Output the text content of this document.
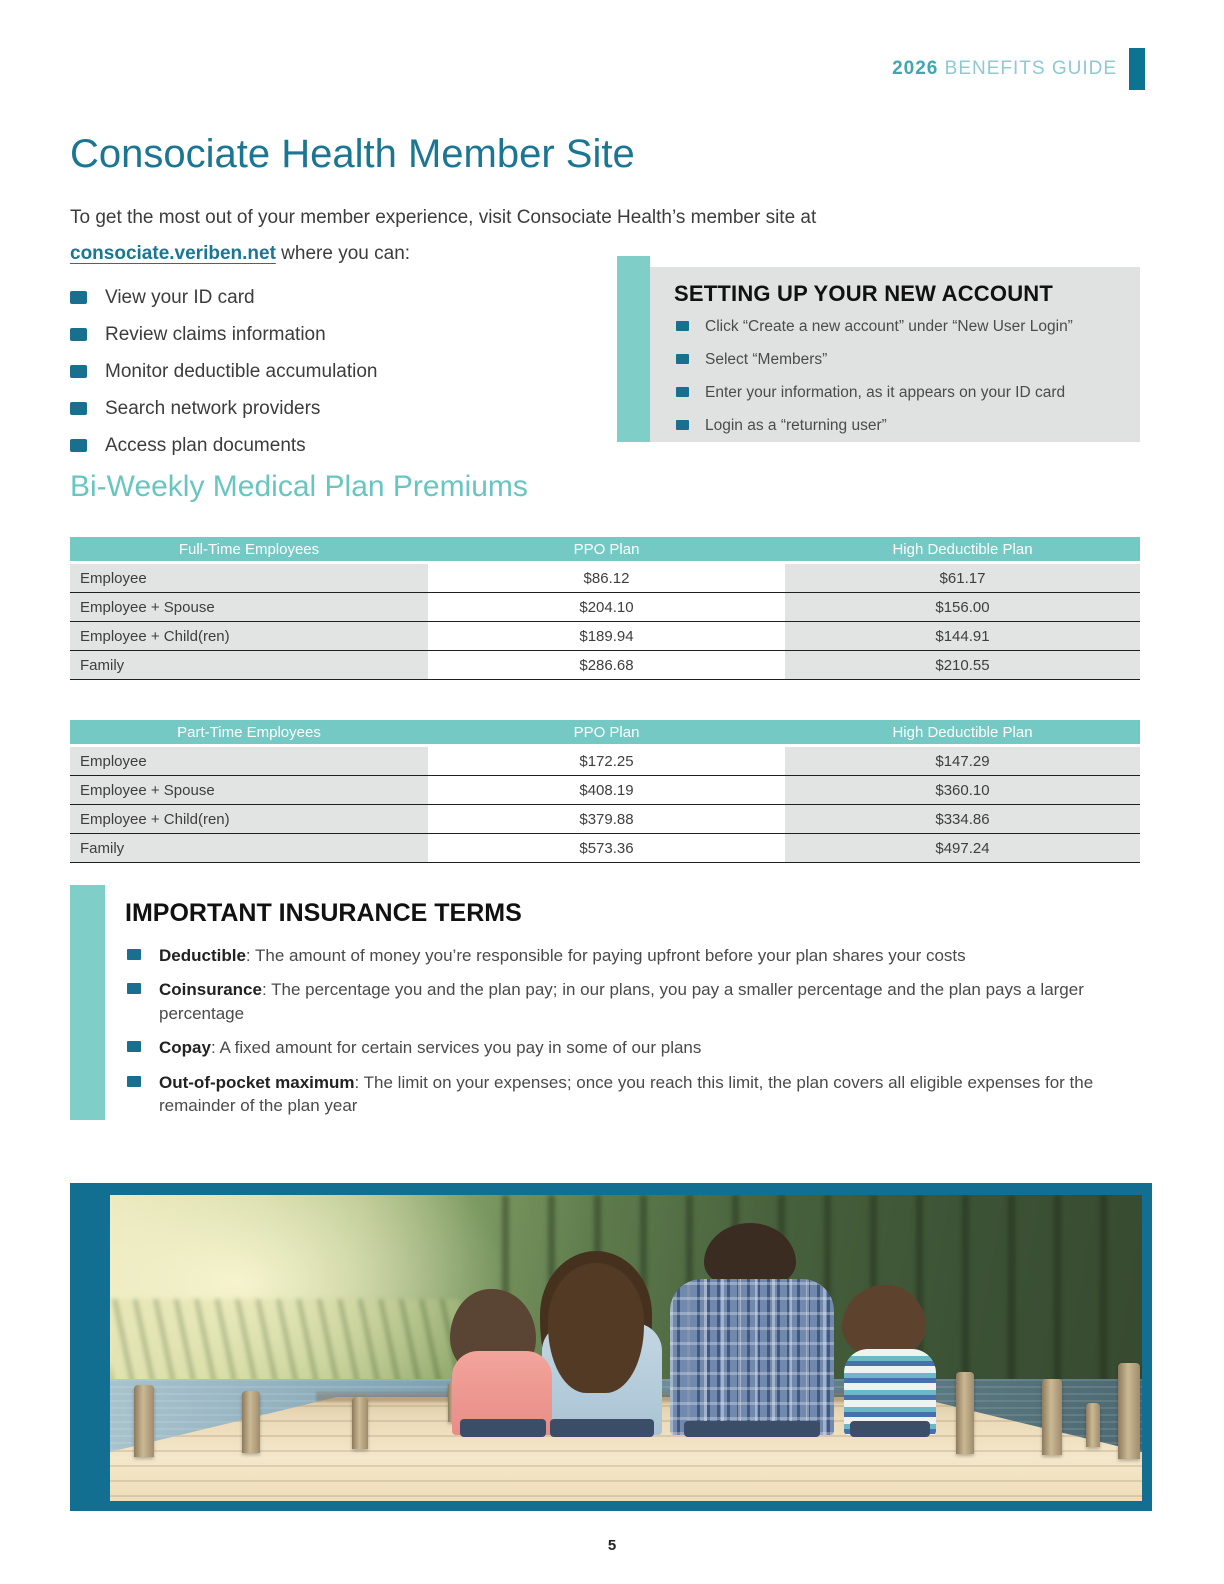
2026 BENEFITS GUIDE
Consociate Health Member Site

To get the most out of your member experience, visit Consociate Health’s member site at
consociate.veriben.net where you can:

View your ID card
Review claims information
Monitor deductible accumulation
Search network providers
Access plan documents
SETTING UP YOUR NEW ACCOUNT
Click “Create a new account” under “New User Login”
Select “Members”
Enter your information, as it appears on your ID card
Login as a “returning user”
Bi-Weekly Medical Plan Premiums
Full-Time Employees	PPO Plan	High Deductible Plan
Employee	$86.12	$61.17
Employee + Spouse	$204.10	$156.00
Employee + Child(ren)	$189.94	$144.91
Family	$286.68	$210.55
Part-Time Employees	PPO Plan	High Deductible Plan
Employee	$172.25	$147.29
Employee + Spouse	$408.19	$360.10
Employee + Child(ren)	$379.88	$334.86
Family	$573.36	$497.24
IMPORTANT INSURANCE TERMS
Deductible: The amount of money you’re responsible for paying upfront before your plan shares your costs
Coinsurance: The percentage you and the plan pay; in our plans, you pay a smaller percentage and the plan pays a larger percentage
Copay: A fixed amount for certain services you pay in some of our plans
Out-of-pocket maximum: The limit on your expenses; once you reach this limit, the plan covers all eligible expenses for the remainder of the plan year
5
